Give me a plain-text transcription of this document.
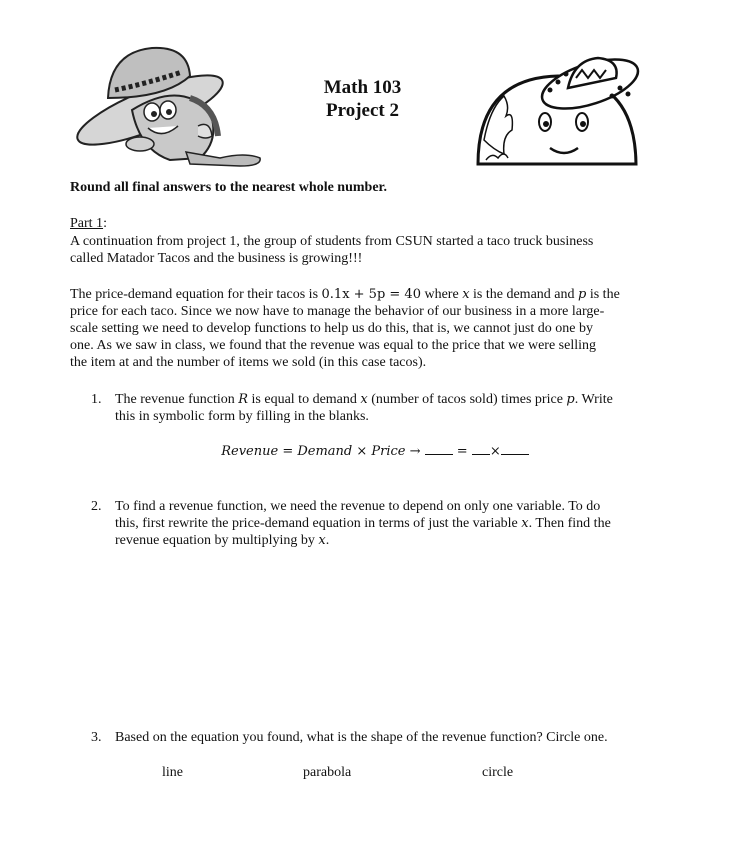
Math 103
Project 2
Round all final answers to the nearest whole number.
Part 1:
A continuation from project 1, the group of students from CSUN started a taco truck business
called Matador Tacos and the business is growing!!!
The price-demand equation for their tacos is 0.1x + 5p = 40 where x is the demand and p is the
price for each taco. Since we now have to manage the behavior of our business in a more large-
scale setting we need to develop functions to help us do this, that is, we cannot just do one by
one. As we saw in class, we found that the revenue was equal to the price that we were selling
the item at and the number of items we sold (in this case tacos).
1. The revenue function R is equal to demand x (number of tacos sold) times price p. Write
this in symbolic form by filling in the blanks.
Revenue = Demand × Price →	= ×
2. To find a revenue function, we need the revenue to depend on only one variable. To do
this, first rewrite the price-demand equation in terms of just the variable x. Then find the
revenue equation by multiplying by x.
3. Based on the equation you found, what is the shape of the revenue function? Circle one.
line	parabola	circle
